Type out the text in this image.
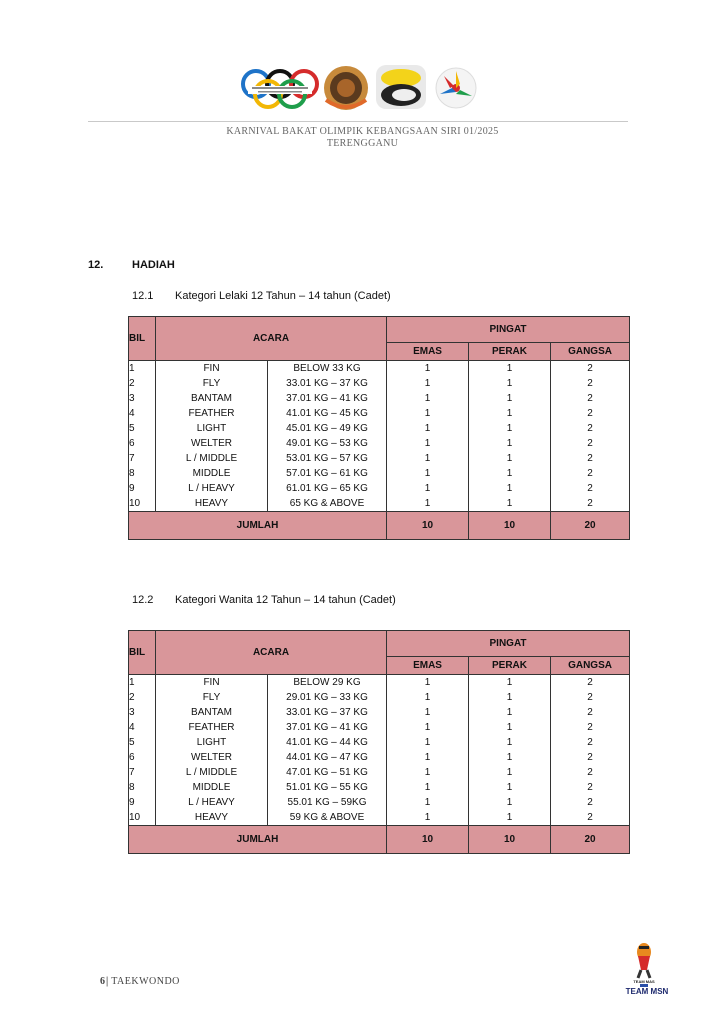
KARNIVAL BAKAT OLIMPIK KEBANGSAAN SIRI 01/2025
TERENGGANU
12.	HADIAH
12.1 Kategori Lelaki 12 Tahun – 14 tahun (Cadet)
BIL	ACARA		PINGAT		
			EMAS	PERAK	GANGSA
1	FIN	BELOW 33 KG	1	1	2
2	FLY	33.01 KG – 37 KG	1	1	2
3	BANTAM	37.01 KG – 41 KG	1	1	2
4	FEATHER	41.01 KG – 45 KG	1	1	2
5	LIGHT	45.01 KG – 49 KG	1	1	2
6	WELTER	49.01 KG – 53 KG	1	1	2
7	L / MIDDLE	53.01 KG – 57 KG	1	1	2
8	MIDDLE	57.01 KG – 61 KG	1	1	2
9	L / HEAVY	61.01 KG – 65 KG	1	1	2
10	HEAVY	65 KG & ABOVE	1	1	2
JUMLAH			10	10	20
12.2 Kategori Wanita 12 Tahun – 14 tahun (Cadet)
BIL	ACARA		PINGAT		
			EMAS	PERAK	GANGSA
1	FIN	BELOW 29 KG	1	1	2
2	FLY	29.01 KG – 33 KG	1	1	2
3	BANTAM	33.01 KG – 37 KG	1	1	2
4	FEATHER	37.01 KG – 41 KG	1	1	2
5	LIGHT	41.01 KG – 44 KG	1	1	2
6	WELTER	44.01 KG – 47 KG	1	1	2
7	L / MIDDLE	47.01 KG – 51 KG	1	1	2
8	MIDDLE	51.01 KG – 55 KG	1	1	2
9	L / HEAVY	55.01 KG – 59KG	1	1	2
10	HEAVY	59 KG & ABOVE	1	1	2
JUMLAH			10	10	20
6| TAEKWONDO	TEAM MAS
TEAM MSN
